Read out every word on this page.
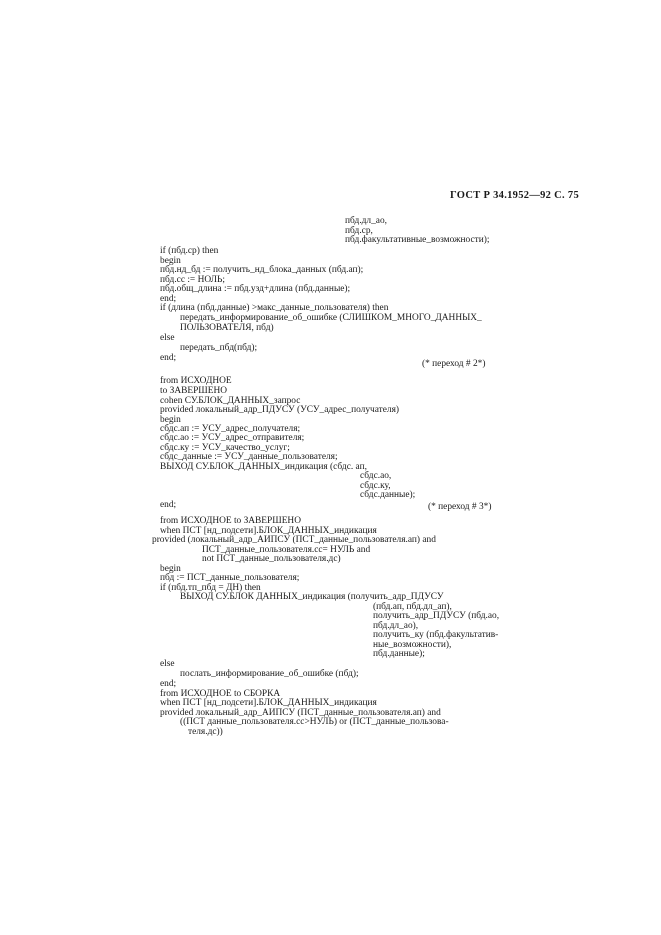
ГОСТ Р 34.1952—92 С. 75
пбд.дл_ао,
пбд.ср,
пбд.факультативные_возможности);
if (пбд.ср) then
begin
пбд.нд_бд := получить_нд_блока_данных (пбд.ап);
пбд.сс := НОЛЬ;
пбд.общ_длина := пбд.узд+длина (пбд.данные);
end;
if (длина (пбд.данные) >макс_данные_пользователя) then
передать_информирование_об_ошибке (СЛИШКОМ_МНОГО_ДАННЫХ_
ПОЛЬЗОВАТЕЛЯ, пбд)
else
передать_пбд(пбд);
end;
(* переход # 2*)
from ИСХОДНОЕ
to ЗАВЕРШЕНО
cohen СУ.БЛОК_ДАННЫХ_запрос
provided локальный_адр_ПДУСУ (УСУ_адрес_получателя)
begin
сбдс.ап := УСУ_адрес_получателя;
сбдс.ао := УСУ_адрес_отправителя;
сбдс.ку := УСУ_качество_услуг;
сбдс_данные := УСУ_данные_пользователя;
ВЫХОД СУ.БЛОК_ДАННЫХ_индикация (сбдс. ап,
сбдс.ао,
сбдс.ку,
сбдс.данные);
end;	(* переход # 3*)
from ИСХОДНОЕ to ЗАВЕРШЕНО
when ПСТ [нд_подсети].БЛОК_ДАННЫХ_индикация
provided (локальный_адр_АИПСУ (ПСТ_данные_пользователя.ап) and
ПСТ_данные_пользователя.сс= НУЛЬ and
not ПСТ_данные_пользователя.дс)
begin
пбд := ПСТ_данные_пользователя;
if (пбд.тп_пбд = ДН) then
ВЫХОД СУ.БЛОК ДАННЫХ_индикация (получить_адр_ПДУСУ
(пбд.ап, пбд.дл_ап),
получить_адр_ПДУСУ (пбд.ао,
пбд.дл_ао),
получить_ку (пбд.факультатив-
ные_возможности),
пбд.данные);
else
послать_информирование_об_ошибке (пбд);
end;
from ИСХОДНОЕ to СБОРКА
when ПСТ [нд_подсети].БЛОК_ДАННЫХ_индикация
provided локальный_адр_АИПСУ (ПСТ_данные_пользователя.ап) and
((ПСТ данные_пользователя.сс>НУЛЬ) or (ПСТ_данные_пользова-
теля.дс))
